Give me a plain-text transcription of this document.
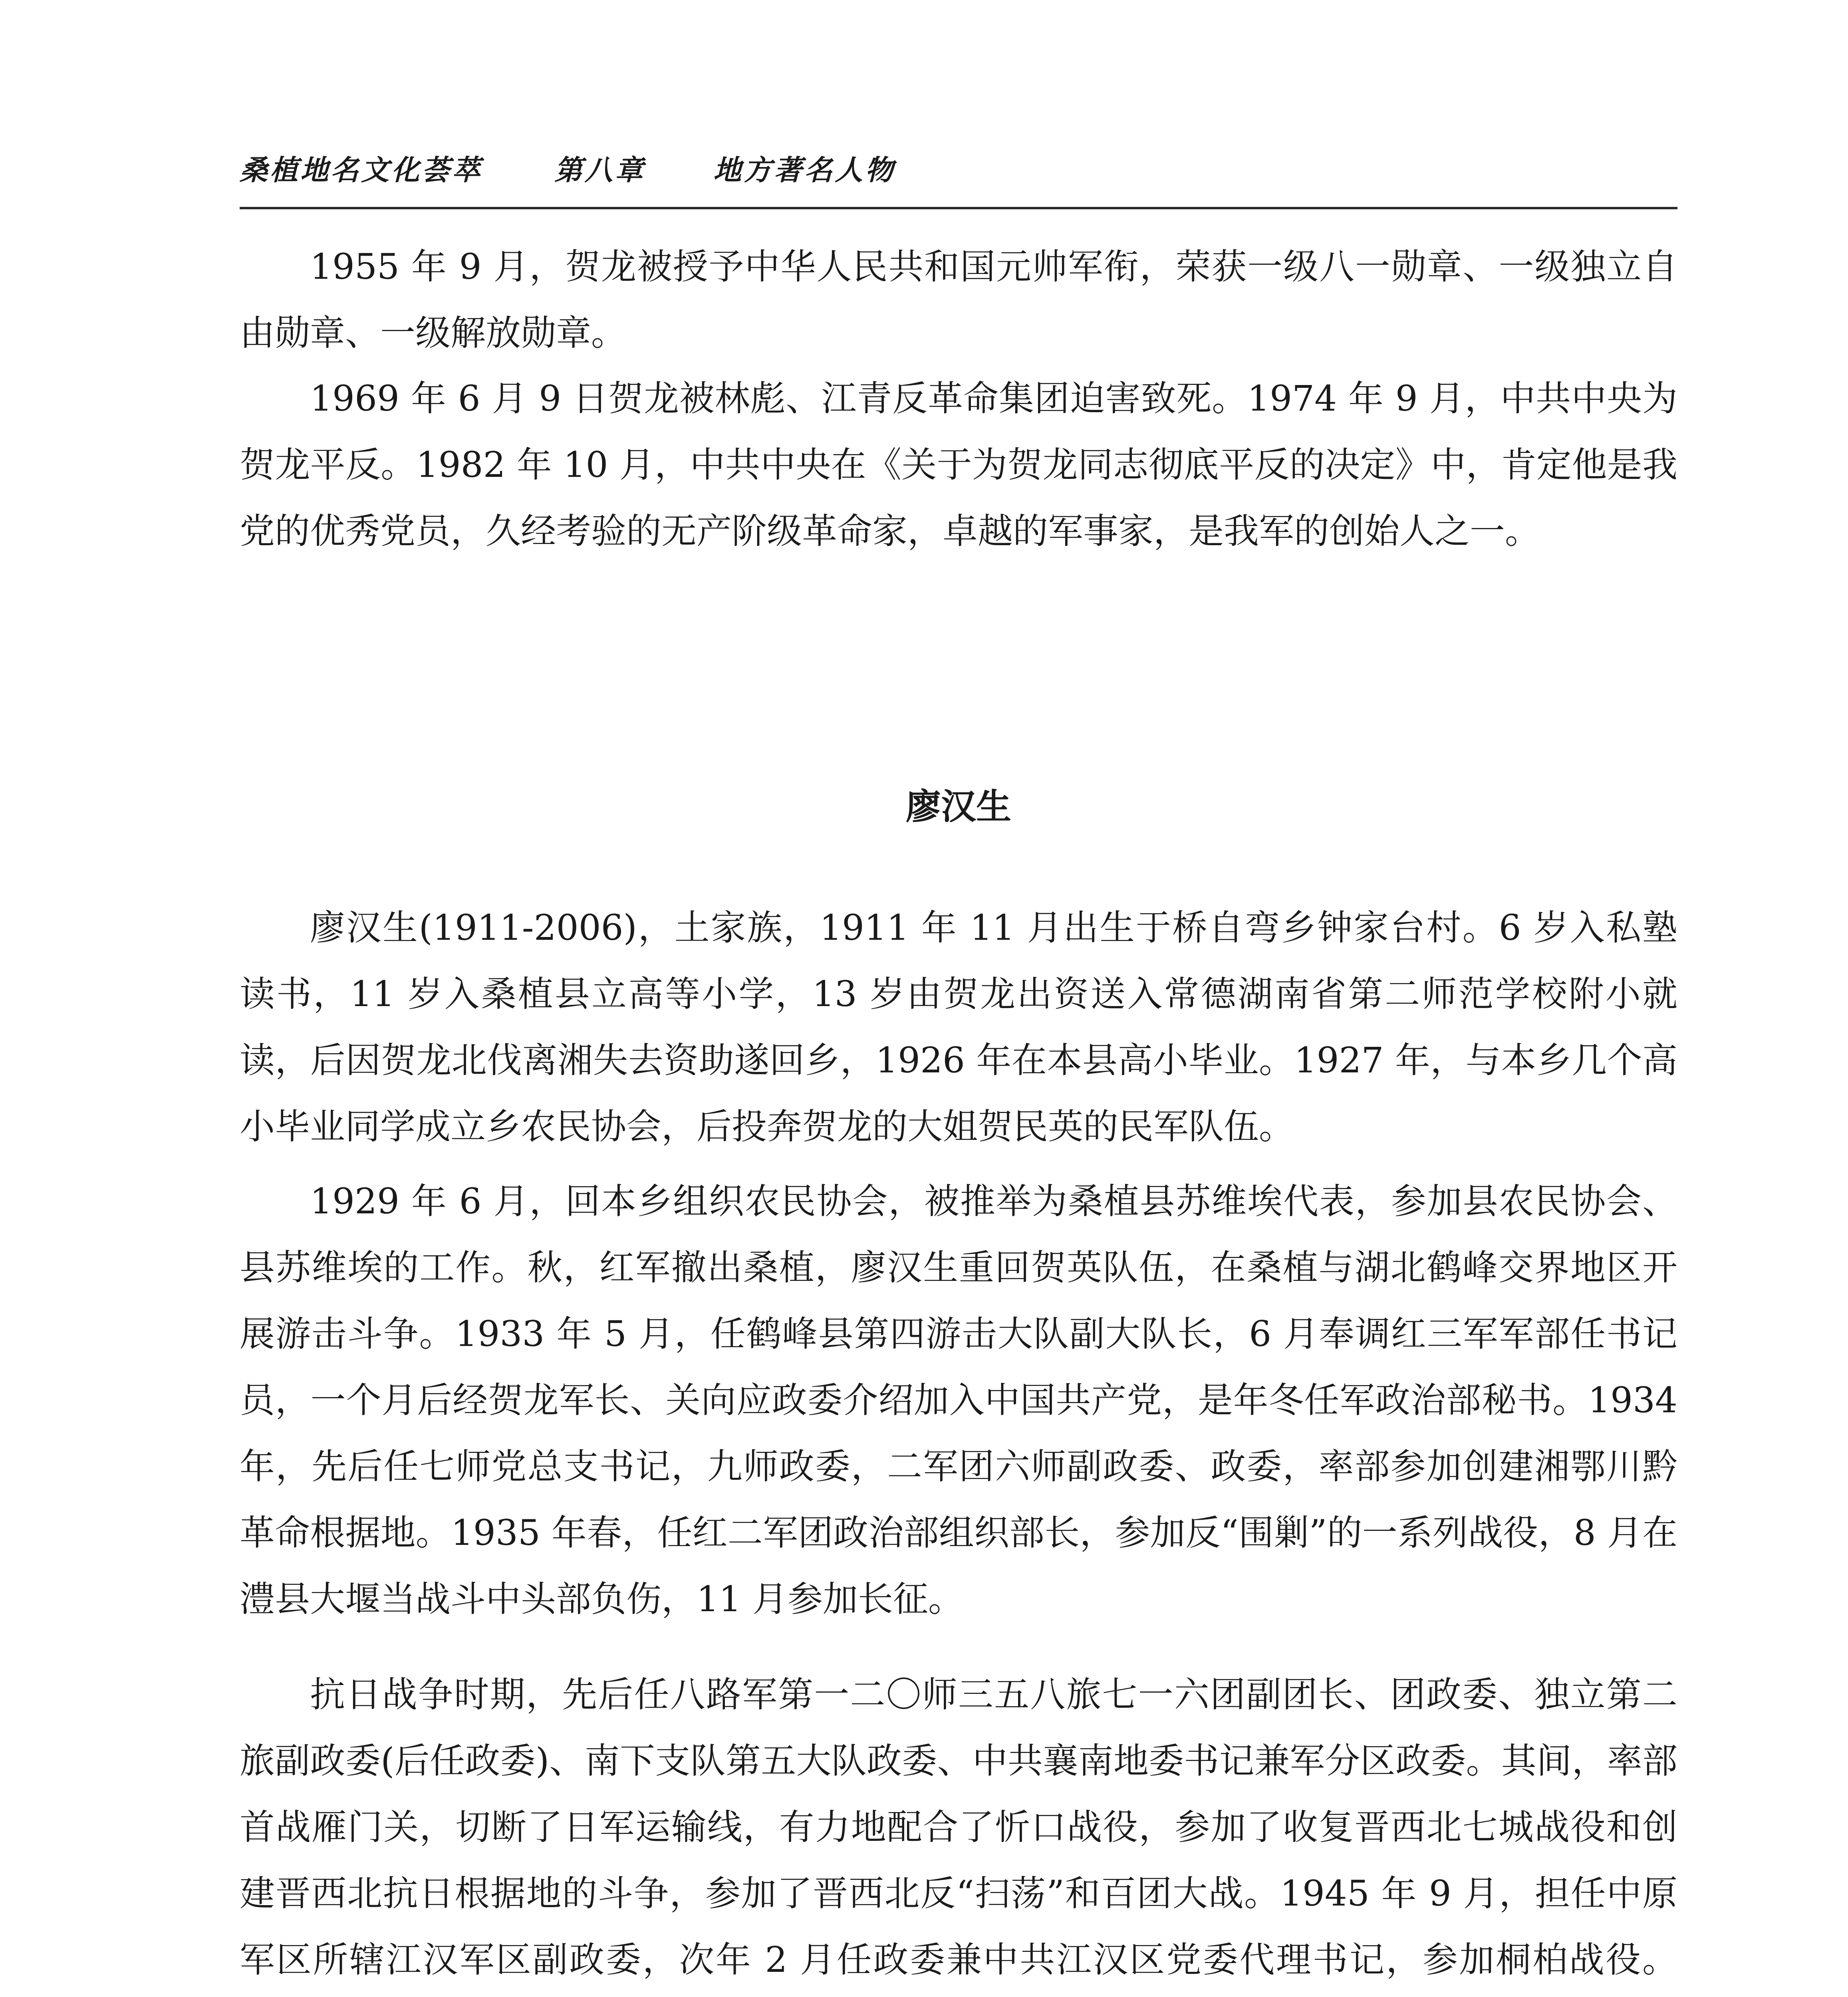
桑植地名文化荟萃	第八章 地方著名人物

1955 年 9 月，贺龙被授予中华人民共和国元帅军衔，荣获一级八一勋章、一级独立自由勋章、一级解放勋章。

1969 年 6 月 9 日贺龙被林彪、江青反革命集团迫害致死。1974 年 9 月，中共中央为贺龙平反。1982 年 10 月，中共中央在《关于为贺龙同志彻底平反的决定》中，肯定他是我党的优秀党员，久经考验的无产阶级革命家，卓越的军事家，是我军的创始人之一。

廖汉生

廖汉生(1911-2006)，土家族，1911 年 11 月出生于桥自弯乡钟家台村。6 岁入私塾读书，11 岁入桑植县立高等小学，13 岁由贺龙出资送入常德湖南省第二师范学校附小就读，后因贺龙北伐离湘失去资助遂回乡，1926 年在本县高小毕业。1927 年，与本乡几个高小毕业同学成立乡农民协会，后投奔贺龙的大姐贺民英的民军队伍。

1929 年 6 月，回本乡组织农民协会，被推举为桑植县苏维埃代表，参加县农民协会、县苏维埃的工作。秋，红军撤出桑植，廖汉生重回贺英队伍，在桑植与湖北鹤峰交界地区开展游击斗争。1933 年 5 月，任鹤峰县第四游击大队副大队长，6 月奉调红三军军部任书记员，一个月后经贺龙军长、关向应政委介绍加入中国共产党，是年冬任军政治部秘书。1934 年，先后任七师党总支书记，九师政委，二军团六师副政委、政委，率部参加创建湘鄂川黔革命根据地。1935 年春，任红二军团政治部组织部长，参加反“围剿”的一系列战役，8 月在澧县大堰当战斗中头部负伤，11 月参加长征。

抗日战争时期，先后任八路军第一二〇师三五八旅七一六团副团长、团政委、独立第二旅副政委(后任政委)、南下支队第五大队政委、中共襄南地委书记兼军分区政委。其间，率部首战雁门关，切断了日军运输线，有力地配合了忻口战役，参加了收复晋西北七城战役和创建晋西北抗日根据地的斗争，参加了晋西北反“扫荡”和百团大战。1945 年 9 月，担任中原军区所辖江汉军区副政委，次年 2 月任政委兼中共江汉区党委代理书记，参加桐柏战役。
